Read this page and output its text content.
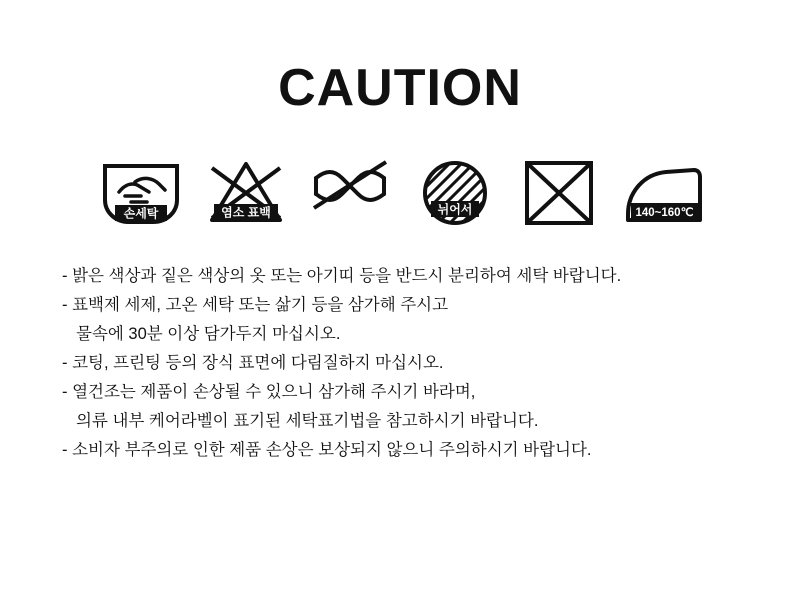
CAUTION
손세탁	염소 표백	뉘어서	140~160℃
- 밝은 색상과 짙은 색상의 옷 또는 아기띠 등을 반드시 분리하여 세탁 바랍니다.
- 표백제 세제, 고온 세탁 또는 삶기 등을 삼가해 주시고
물속에 30분 이상 담가두지 마십시오.
- 코팅, 프린팅 등의 장식 표면에 다림질하지 마십시오.
- 열건조는 제품이 손상될 수 있으니 삼가해 주시기 바라며,
의류 내부 케어라벨이 표기된 세탁표기법을 참고하시기 바랍니다.
- 소비자 부주의로 인한 제품 손상은 보상되지 않으니 주의하시기 바랍니다.
